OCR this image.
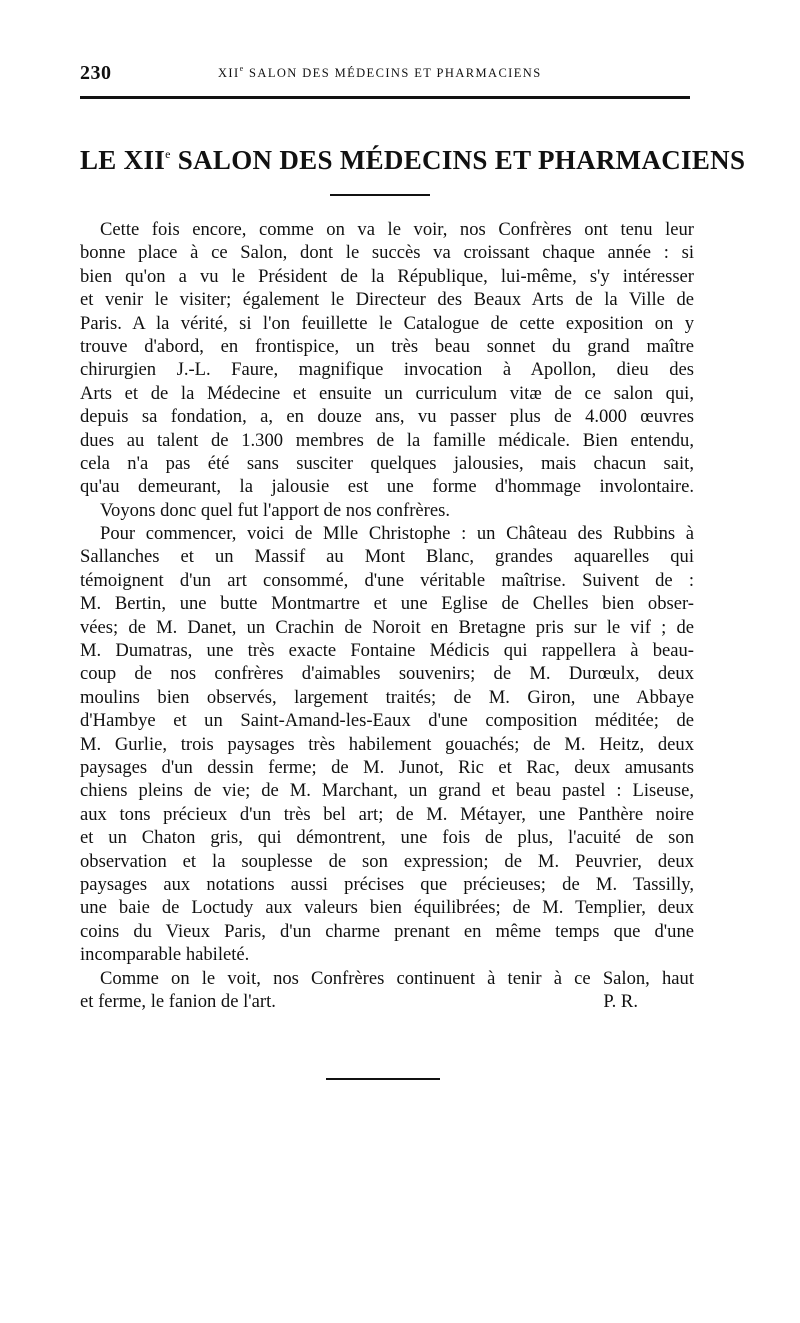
230	XIIe SALON DES MÉDECINS ET PHARMACIENS
LE XIIe SALON DES MÉDECINS ET PHARMACIENS
Cette fois encore, comme on va le voir, nos Confrères ont tenu leur
bonne place à ce Salon, dont le succès va croissant chaque année : si
bien qu'on a vu le Président de la République, lui-même, s'y intéresser
et venir le visiter; également le Directeur des Beaux Arts de la Ville de
Paris. A la vérité, si l'on feuillette le Catalogue de cette exposition on y
trouve d'abord, en frontispice, un très beau sonnet du grand maître
chirurgien J.-L. Faure, magnifique invocation à Apollon, dieu des
Arts et de la Médecine et ensuite un curriculum vitæ de ce salon qui,
depuis sa fondation, a, en douze ans, vu passer plus de 4.000 œuvres
dues au talent de 1.300 membres de la famille médicale. Bien entendu,
cela n'a pas été sans susciter quelques jalousies, mais chacun sait,
qu'au demeurant, la jalousie est une forme d'hommage involontaire.
Voyons donc quel fut l'apport de nos confrères.
Pour commencer, voici de Mlle Christophe : un Château des Rubbins à
Sallanches et un Massif au Mont Blanc, grandes aquarelles qui
témoignent d'un art consommé, d'une véritable maîtrise. Suivent de :
M. Bertin, une butte Montmartre et une Eglise de Chelles bien obser-
vées; de M. Danet, un Crachin de Noroit en Bretagne pris sur le vif ; de
M. Dumatras, une très exacte Fontaine Médicis qui rappellera à beau-
coup de nos confrères d'aimables souvenirs; de M. Durœulx, deux
moulins bien observés, largement traités; de M. Giron, une Abbaye
d'Hambye et un Saint-Amand-les-Eaux d'une composition méditée; de
M. Gurlie, trois paysages très habilement gouachés; de M. Heitz, deux
paysages d'un dessin ferme; de M. Junot, Ric et Rac, deux amusants
chiens pleins de vie; de M. Marchant, un grand et beau pastel : Liseuse,
aux tons précieux d'un très bel art; de M. Métayer, une Panthère noire
et un Chaton gris, qui démontrent, une fois de plus, l'acuité de son
observation et la souplesse de son expression; de M. Peuvrier, deux
paysages aux notations aussi précises que précieuses; de M. Tassilly,
une baie de Loctudy aux valeurs bien équilibrées; de M. Templier, deux
coins du Vieux Paris, d'un charme prenant en même temps que d'une
incomparable habileté.
Comme on le voit, nos Confrères continuent à tenir à ce Salon, haut
et ferme, le fanion de l'art.	P. R.
